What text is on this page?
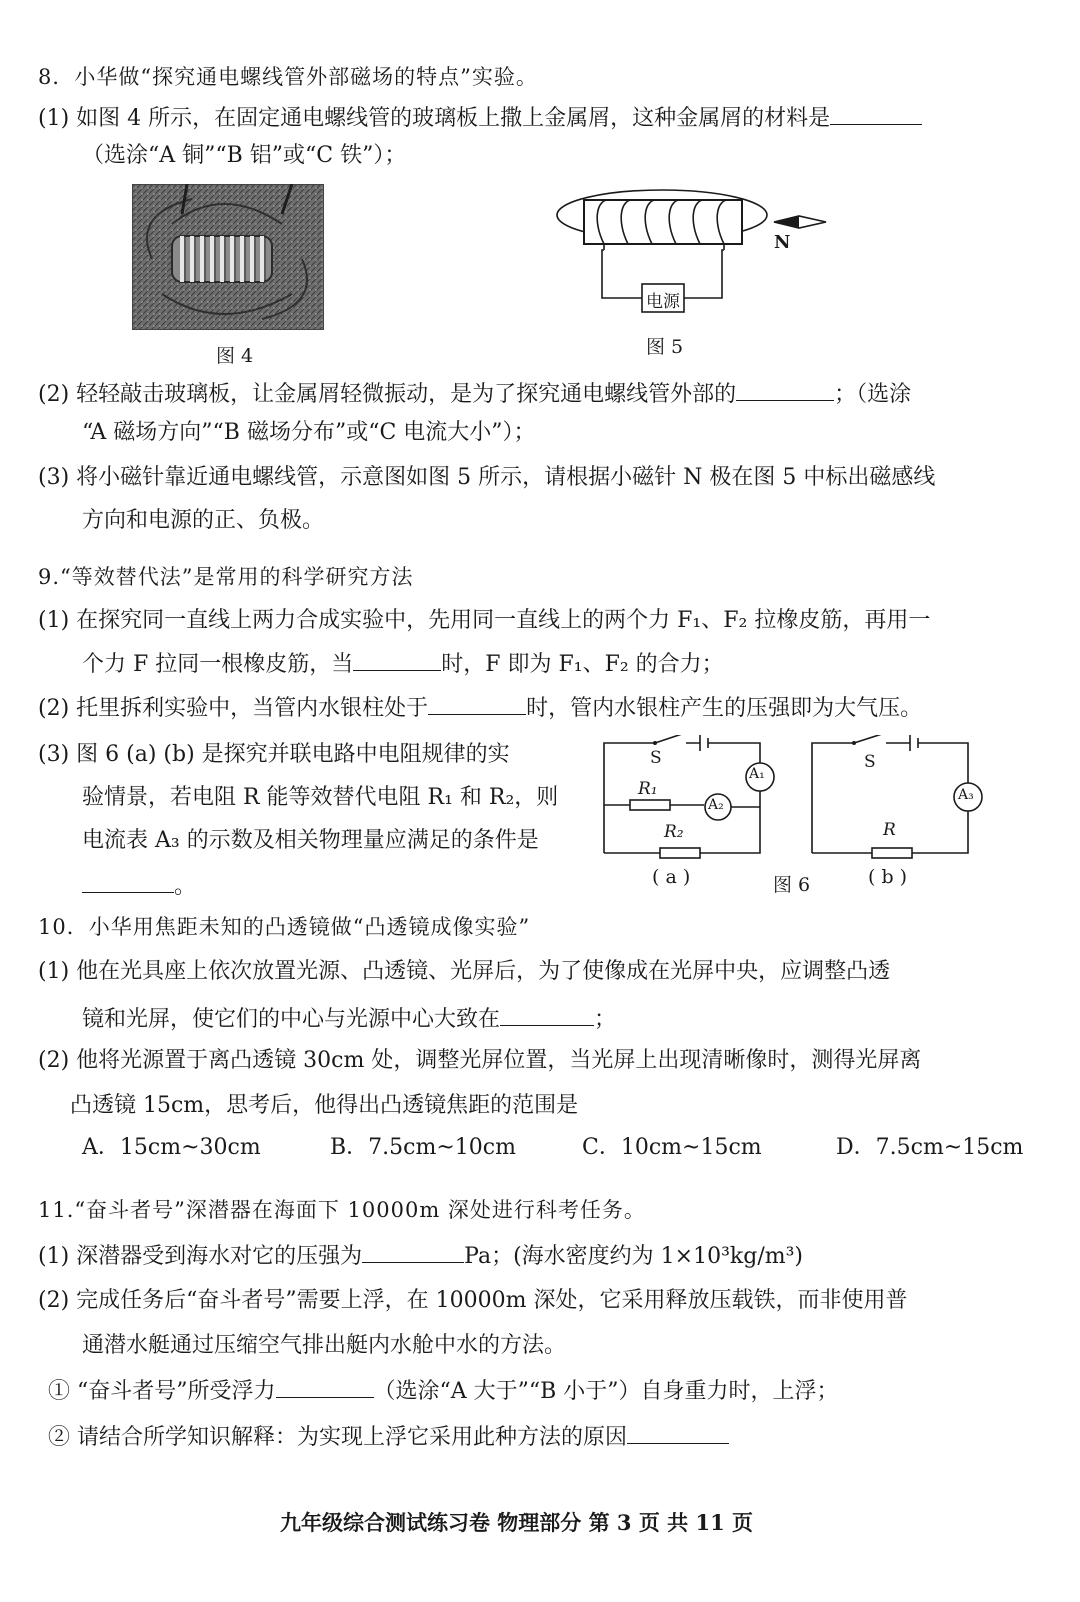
8．小华做“探究通电螺线管外部磁场的特点”实验。
(1) 如图 4 所示，在固定通电螺线管的玻璃板上撒上金属屑，这种金属屑的材料是
（选涂“A 铜”“B 铝”或“C 铁”）；
图 4
电源
N
图 5
(2) 轻轻敲击玻璃板，让金属屑轻微振动，是为了探究通电螺线管外部的	；（选涂
“A 磁场方向”“B 磁场分布”或“C 电流大小”）；
(3) 将小磁针靠近通电螺线管，示意图如图 5 所示，请根据小磁针 N 极在图 5 中标出磁感线
方向和电源的正、负极。
9.“等效替代法”是常用的科学研究方法
(1) 在探究同一直线上两力合成实验中，先用同一直线上的两个力 F₁、F₂ 拉橡皮筋，再用一
个力 F 拉同一根橡皮筋，当	时，F 即为 F₁、F₂ 的合力；
(2) 托里拆利实验中，当管内水银柱处于	时，管内水银柱产生的压强即为大气压。
(3) 图 6 (a) (b) 是探究并联电路中电阻规律的实
验情景，若电阻 R 能等效替代电阻 R₁ 和 R₂，则
电流表 A₃ 的示数及相关物理量应满足的条件是
。
S
A₁
A₂
R₁
R₂
S
A₃
R
( a )	图 6	( b )
10．小华用焦距未知的凸透镜做“凸透镜成像实验”
(1) 他在光具座上依次放置光源、凸透镜、光屏后，为了使像成在光屏中央，应调整凸透
镜和光屏，使它们的中心与光源中心大致在	；
(2) 他将光源置于离凸透镜 30cm 处，调整光屏位置，当光屏上出现清晰像时，测得光屏离
凸透镜 15cm，思考后，他得出凸透镜焦距的范围是
A．15cm~30cm	B．7.5cm~10cm	C．10cm~15cm	D．7.5cm~15cm
11.“奋斗者号”深潜器在海面下 10000m 深处进行科考任务。
(1) 深潜器受到海水对它的压强为	Pa；(海水密度约为 1×10³kg/m³)
(2) 完成任务后“奋斗者号”需要上浮，在 10000m 深处，它采用释放压载铁，而非使用普
通潜水艇通过压缩空气排出艇内水舱中水的方法。
① “奋斗者号”所受浮力	（选涂“A 大于”“B 小于”）自身重力时，上浮；
② 请结合所学知识解释：为实现上浮它采用此种方法的原因
九年级综合测试练习卷 物理部分 第 3 页 共 11 页
